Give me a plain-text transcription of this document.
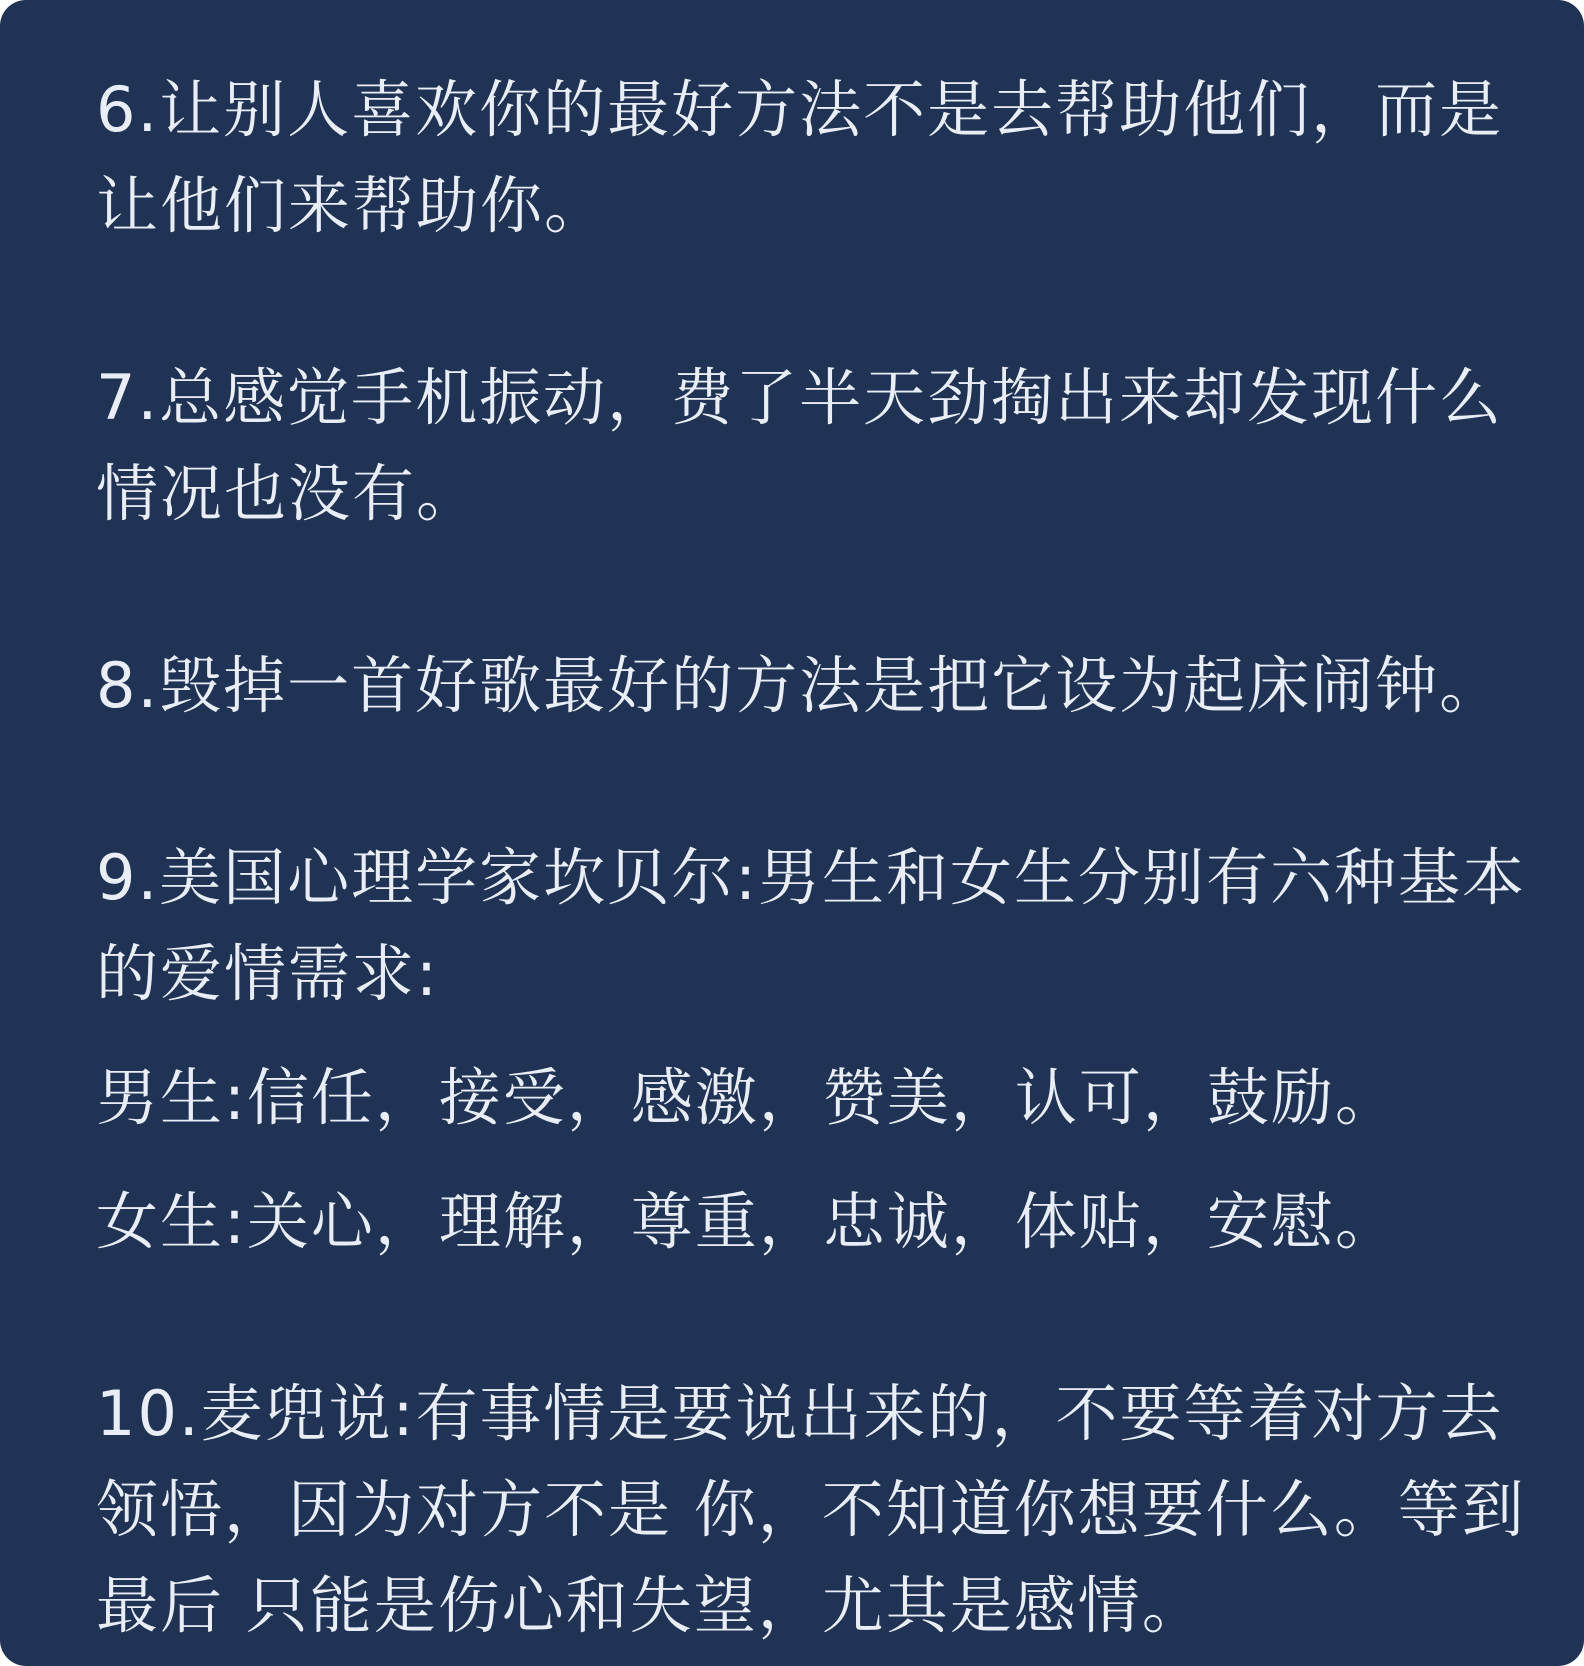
6.让别人喜欢你的最好方法不是去帮助他们，而是
让他们来帮助你。
7.总感觉手机振动，费了半天劲掏出来却发现什么
情况也没有。
8.毁掉一首好歌最好的方法是把它设为起床闹钟。
9.美国心理学家坎贝尔:男生和女生分别有六种基本
的爱情需求:
男生:信任，接受，感激，赞美，认可，鼓励。
女生:关心，理解，尊重，忠诚，体贴，安慰。
10.麦兜说:有事情是要说出来的，不要等着对方去
领悟，因为对方不是 你，不知道你想要什么。等到
最后 只能是伤心和失望，尤其是感情。
